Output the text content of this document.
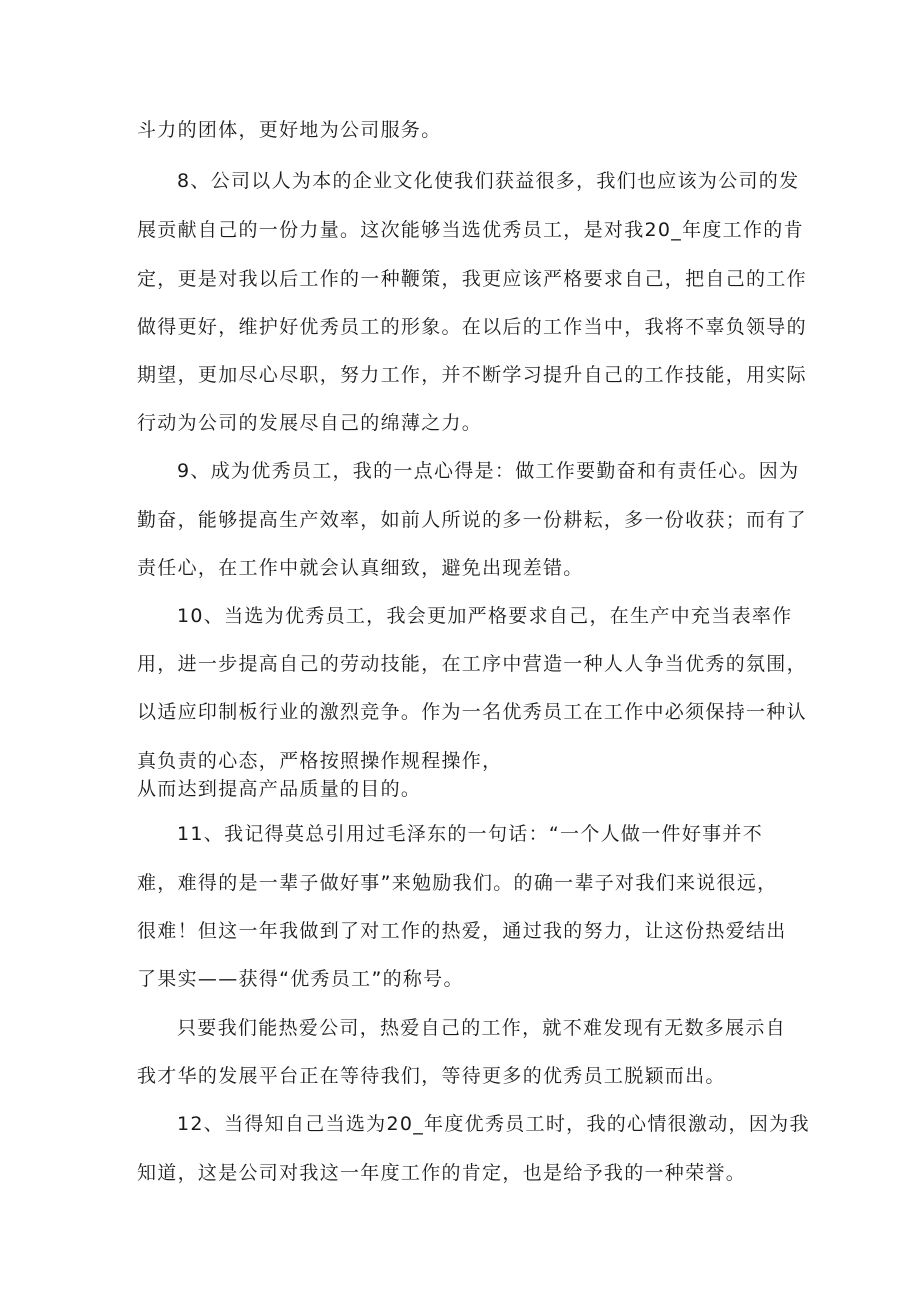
斗力的团体，更好地为公司服务。

8、公司以人为本的企业文化使我们获益很多，我们也应该为公司的发

展贡献自己的一份力量。这次能够当选优秀员工，是对我20_年度工作的肯

定，更是对我以后工作的一种鞭策，我更应该严格要求自己，把自己的工作

做得更好，维护好优秀员工的形象。在以后的工作当中，我将不辜负领导的

期望，更加尽心尽职，努力工作，并不断学习提升自己的工作技能，用实际

行动为公司的发展尽自己的绵薄之力。

9、成为优秀员工，我的一点心得是：做工作要勤奋和有责任心。因为

勤奋，能够提高生产效率，如前人所说的多一份耕耘，多一份收获；而有了

责任心，在工作中就会认真细致，避免出现差错。

10、当选为优秀员工，我会更加严格要求自己，在生产中充当表率作

用，进一步提高自己的劳动技能，在工序中营造一种人人争当优秀的氛围，

以适应印制板行业的激烈竞争。作为一名优秀员工在工作中必须保持一种认

真负责的心态，严格按照操作规程操作，

从而达到提高产品质量的目的。

11、我记得莫总引用过毛泽东的一句话：“一个人做一件好事并不

难，难得的是一辈子做好事”来勉励我们。的确一辈子对我们来说很远，

很难！但这一年我做到了对工作的热爱，通过我的努力，让这份热爱结出

了果实——获得“优秀员工”的称号。

只要我们能热爱公司，热爱自己的工作，就不难发现有无数多展示自

我才华的发展平台正在等待我们，等待更多的优秀员工脱颖而出。

12、当得知自己当选为20_年度优秀员工时，我的心情很激动，因为我

知道，这是公司对我这一年度工作的肯定，也是给予我的一种荣誉。
